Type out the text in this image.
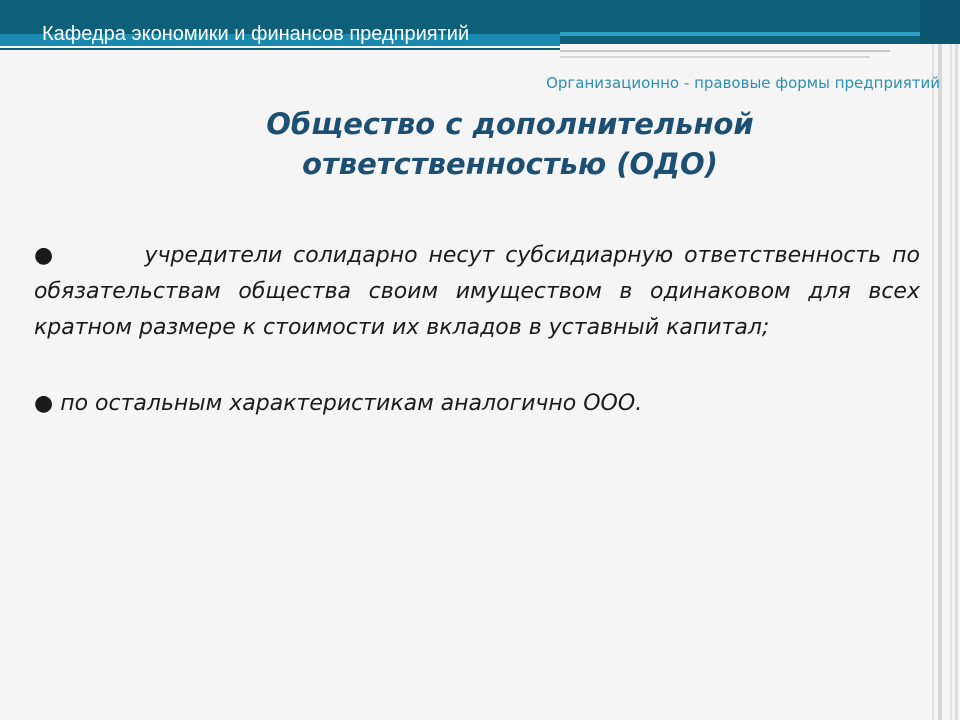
Кафедра экономики и финансов предприятий
Организационно - правовые формы предприятий
Общество с дополнительной
ответственностью (ОДО)

●	учредители солидарно несут субсидиарную ответственность по обязательствам общества своим имуществом в одинаковом для всех кратном размере к стоимости их вкладов в уставный капитал;

● по остальным характеристикам аналогично ООО.
